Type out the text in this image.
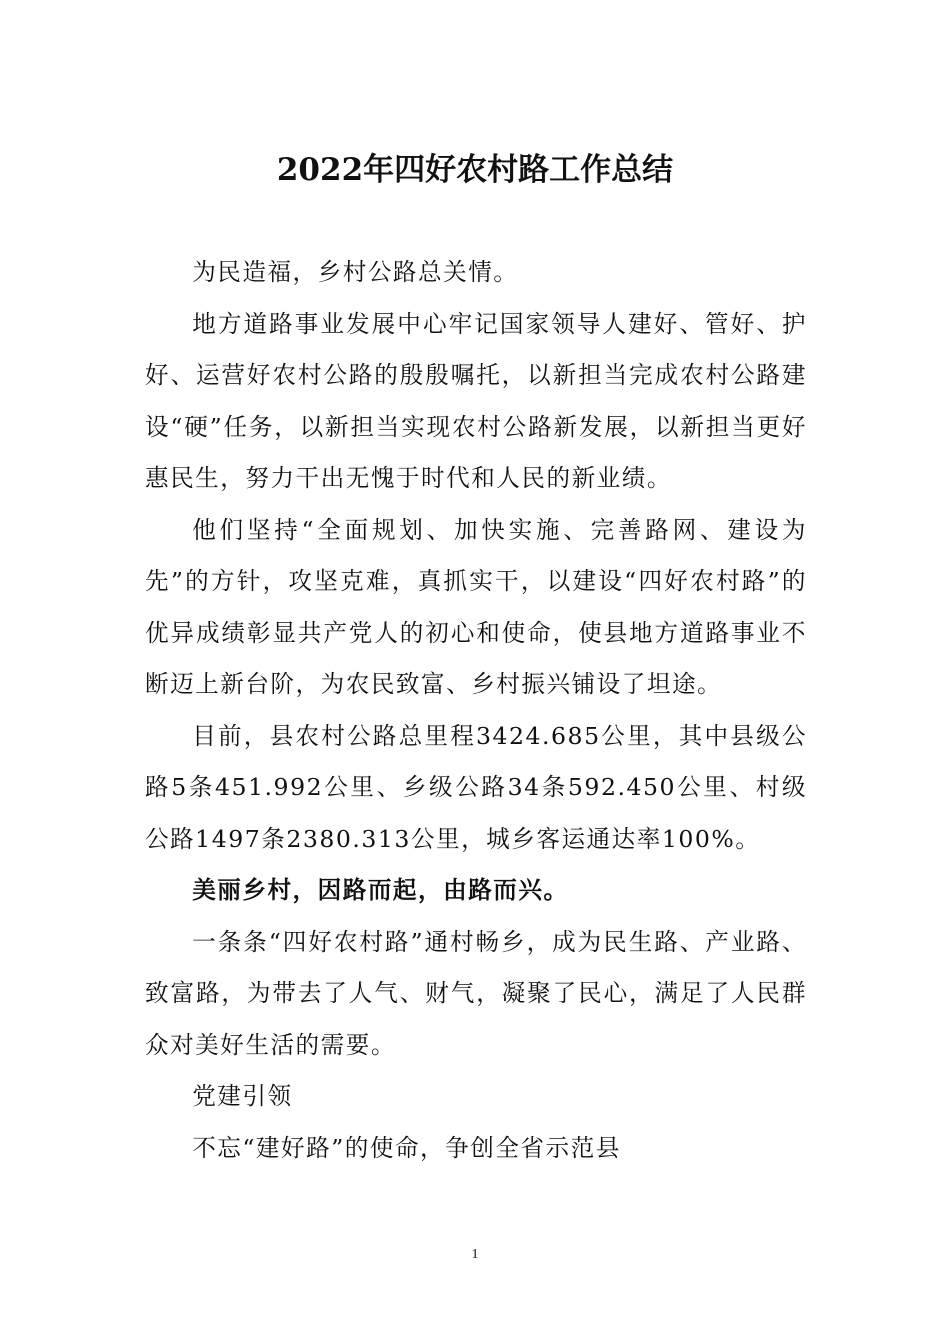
2022年四好农村路工作总结

为民造福，乡村公路总关情。

地方道路事业发展中心牢记国家领导人建好、管好、护好、运营好农村公路的殷殷嘱托，以新担当完成农村公路建设“硬”任务，以新担当实现农村公路新发展，以新担当更好惠民生，努力干出无愧于时代和人民的新业绩。

他们坚持“全面规划、加快实施、完善路网、建设为先”的方针，攻坚克难，真抓实干，以建设“四好农村路”的优异成绩彰显共产党人的初心和使命，使县地方道路事业不断迈上新台阶，为农民致富、乡村振兴铺设了坦途。

目前，县农村公路总里程3424.685公里，其中县级公路5条451.992公里、乡级公路34条592.450公里、村级公路1497条2380.313公里，城乡客运通达率100%。

美丽乡村，因路而起，由路而兴。

一条条“四好农村路”通村畅乡，成为民生路、产业路、致富路，为带去了人气、财气，凝聚了民心，满足了人民群众对美好生活的需要。

党建引领

不忘“建好路”的使命，争创全省示范县

1
